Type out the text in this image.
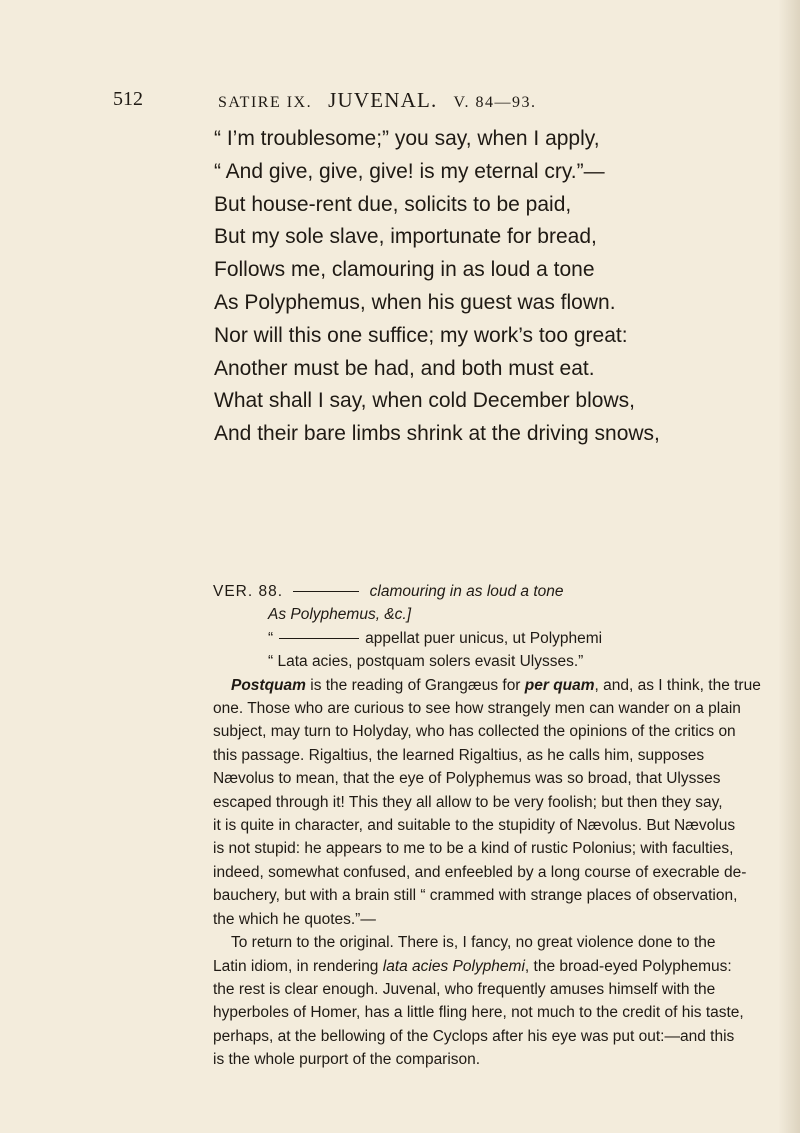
512	SATIRE IX. JUVENAL. V. 84—93.
“ I’m troublesome;” you say, when I apply,
“ And give, give, give! is my eternal cry.”—
But house-rent due, solicits to be paid,
But my sole slave, importunate for bread,
Follows me, clamouring in as loud a tone
As Polyphemus, when his guest was flown.
Nor will this one suffice; my work’s too great:
Another must be had, and both must eat.
What shall I say, when cold December blows,
And their bare limbs shrink at the driving snows,
VER. 88.	clamouring in as loud a tone
As Polyphemus, &c.]
“	appellat puer unicus, ut Polyphemi
“ Lata acies, postquam solers evasit Ulysses.”
Postquam is the reading of Grangæus for per quam, and, as I think, the true
one. Those who are curious to see how strangely men can wander on a plain
subject, may turn to Holyday, who has collected the opinions of the critics on
this passage. Rigaltius, the learned Rigaltius, as he calls him, supposes
Nævolus to mean, that the eye of Polyphemus was so broad, that Ulysses
escaped through it! This they all allow to be very foolish; but then they say,
it is quite in character, and suitable to the stupidity of Nævolus. But Nævolus
is not stupid: he appears to me to be a kind of rustic Polonius; with faculties,
indeed, somewhat confused, and enfeebled by a long course of execrable de-
bauchery, but with a brain still “ crammed with strange places of observation,
the which he quotes.”—
To return to the original. There is, I fancy, no great violence done to the
Latin idiom, in rendering lata acies Polyphemi, the broad-eyed Polyphemus:
the rest is clear enough. Juvenal, who frequently amuses himself with the
hyperboles of Homer, has a little fling here, not much to the credit of his taste,
perhaps, at the bellowing of the Cyclops after his eye was put out:—and this
is the whole purport of the comparison.
